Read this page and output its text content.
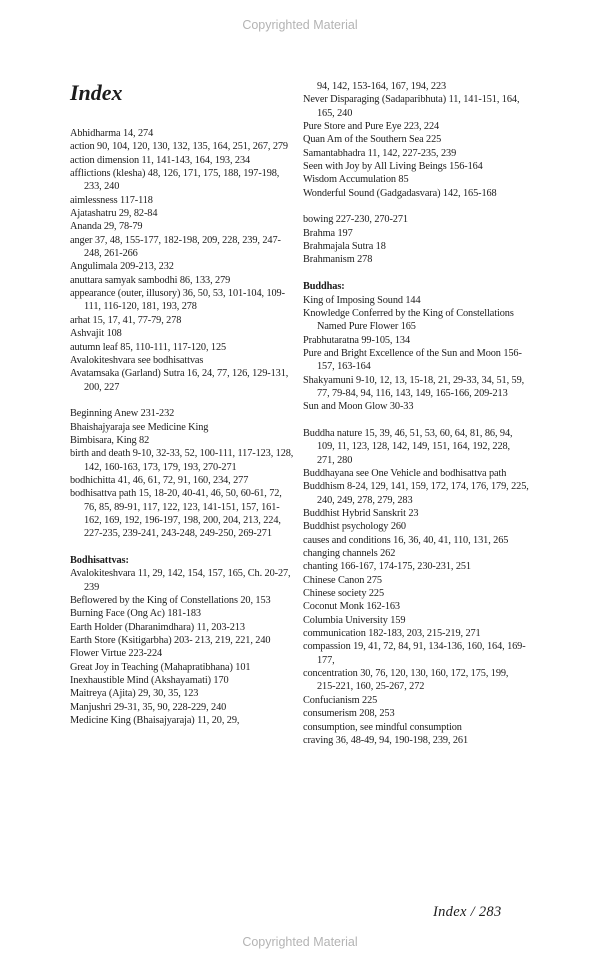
Copyrighted Material
Index
Abhidharma 14, 274
action 90, 104, 120, 130, 132, 135, 164, 251, 267, 279
action dimension 11, 141-143, 164, 193, 234
afflictions (klesha) 48, 126, 171, 175, 188, 197-198, 233, 240
aimlessness 117-118
Ajatashatru 29, 82-84
Ananda 29, 78-79
anger 37, 48, 155-177, 182-198, 209, 228, 239, 247-248, 261-266
Angulimala 209-213, 232
anuttara samyak sambodhi 86, 133, 279
appearance (outer, illusory) 36, 50, 53, 101-104, 109-111, 116-120, 181, 193, 278
arhat 15, 17, 41, 77-79, 278
Ashvajit 108
autumn leaf 85, 110-111, 117-120, 125
Avalokiteshvara see bodhisattvas
Avatamsaka (Garland) Sutra 16, 24, 77, 126, 129-131, 200, 227
Beginning Anew 231-232
Bhaishajyaraja see Medicine King
Bimbisara, King 82
birth and death 9-10, 32-33, 52, 100-111, 117-123, 128, 142, 160-163, 173, 179, 193, 270-271
bodhichitta 41, 46, 61, 72, 91, 160, 234, 277
bodhisattva path 15, 18-20, 40-41, 46, 50, 60-61, 72, 76, 85, 89-91, 117, 122, 123, 141-151, 157, 161-162, 169, 192, 196-197, 198, 200, 204, 213, 224, 227-235, 239-241, 243-248, 249-250, 269-271
Bodhisattvas:
Avalokiteshvara 11, 29, 142, 154, 157, 165, Ch. 20-27, 239
Beflowered by the King of Constellations 20, 153
Burning Face (Ong Ac) 181-183
Earth Holder (Dharanimdhara) 11, 203-213
Earth Store (Ksitigarbha) 203- 213, 219, 221, 240
Flower Virtue 223-224
Great Joy in Teaching (Mahapratibhana) 101
Inexhaustible Mind (Akshayamati) 170
Maitreya (Ajita) 29, 30, 35, 123
Manjushri 29-31, 35, 90, 228-229, 240
Medicine King (Bhaisajyaraja) 11, 20, 29,
94, 142, 153-164, 167, 194, 223
Never Disparaging (Sadaparibhuta) 11, 141-151, 164, 165, 240
Pure Store and Pure Eye 223, 224
Quan Am of the Southern Sea 225
Samantabhadra 11, 142, 227-235, 239
Seen with Joy by All Living Beings 156-164
Wisdom Accumulation 85
Wonderful Sound (Gadgadasvara) 142, 165-168
bowing 227-230, 270-271
Brahma 197
Brahmajala Sutra 18
Brahmanism 278
Buddhas:
King of Imposing Sound 144
Knowledge Conferred by the King of Constellations Named Pure Flower 165
Prabhutaratna 99-105, 134
Pure and Bright Excellence of the Sun and Moon 156-157, 163-164
Shakyamuni 9-10, 12, 13, 15-18, 21, 29-33, 34, 51, 59, 77, 79-84, 94, 116, 143, 149, 165-166, 209-213
Sun and Moon Glow 30-33
Buddha nature 15, 39, 46, 51, 53, 60, 64, 81, 86, 94, 109, 11, 123, 128, 142, 149, 151, 164, 192, 228, 271, 280
Buddhayana see One Vehicle and bodhisattva path
Buddhism 8-24, 129, 141, 159, 172, 174, 176, 179, 225, 240, 249, 278, 279, 283
Buddhist Hybrid Sanskrit 23
Buddhist psychology 260
causes and conditions 16, 36, 40, 41, 110, 131, 265
changing channels 262
chanting 166-167, 174-175, 230-231, 251
Chinese Canon 275
Chinese society 225
Coconut Monk 162-163
Columbia University 159
communication 182-183, 203, 215-219, 271
compassion 19, 41, 72, 84, 91, 134-136, 160, 164, 169-177,
concentration 30, 76, 120, 130, 160, 172, 175, 199, 215-221, 160, 25-267, 272
Confucianism 225
consumerism 208, 253
consumption, see mindful consumption
craving 36, 48-49, 94, 190-198, 239, 261
Index / 283
Copyrighted Material
